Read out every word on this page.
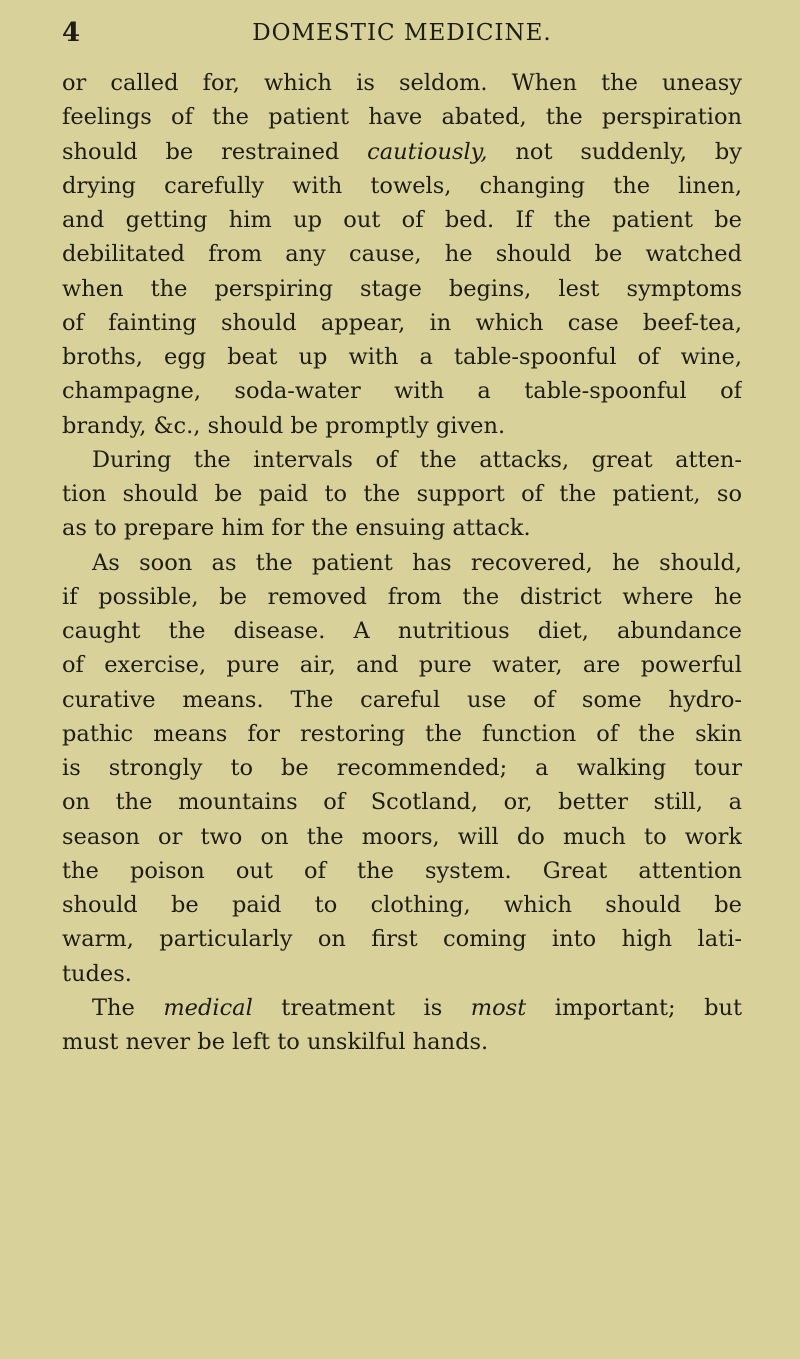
4	DOMESTIC MEDICINE.
or called for, which is seldom. When the uneasy
feelings of the patient have abated, the perspiration
should be restrained cautiously, not suddenly, by
drying carefully with towels, changing the linen,
and getting him up out of bed. If the patient be
debilitated from any cause, he should be watched
when the perspiring stage begins, lest symptoms
of fainting should appear, in which case beef-tea,
broths, egg beat up with a table-spoonful of wine,
champagne, soda-water with a table-spoonful of
brandy, &c., should be promptly given.
During the intervals of the attacks, great atten-
tion should be paid to the support of the patient, so
as to prepare him for the ensuing attack.
As soon as the patient has recovered, he should,
if possible, be removed from the district where he
caught the disease. A nutritious diet, abundance
of exercise, pure air, and pure water, are powerful
curative means. The careful use of some hydro-
pathic means for restoring the function of the skin
is strongly to be recommended; a walking tour
on the mountains of Scotland, or, better still, a
season or two on the moors, will do much to work
the poison out of the system. Great attention
should be paid to clothing, which should be
warm, particularly on first coming into high lati-
tudes.
The medical treatment is most important; but
must never be left to unskilful hands.
